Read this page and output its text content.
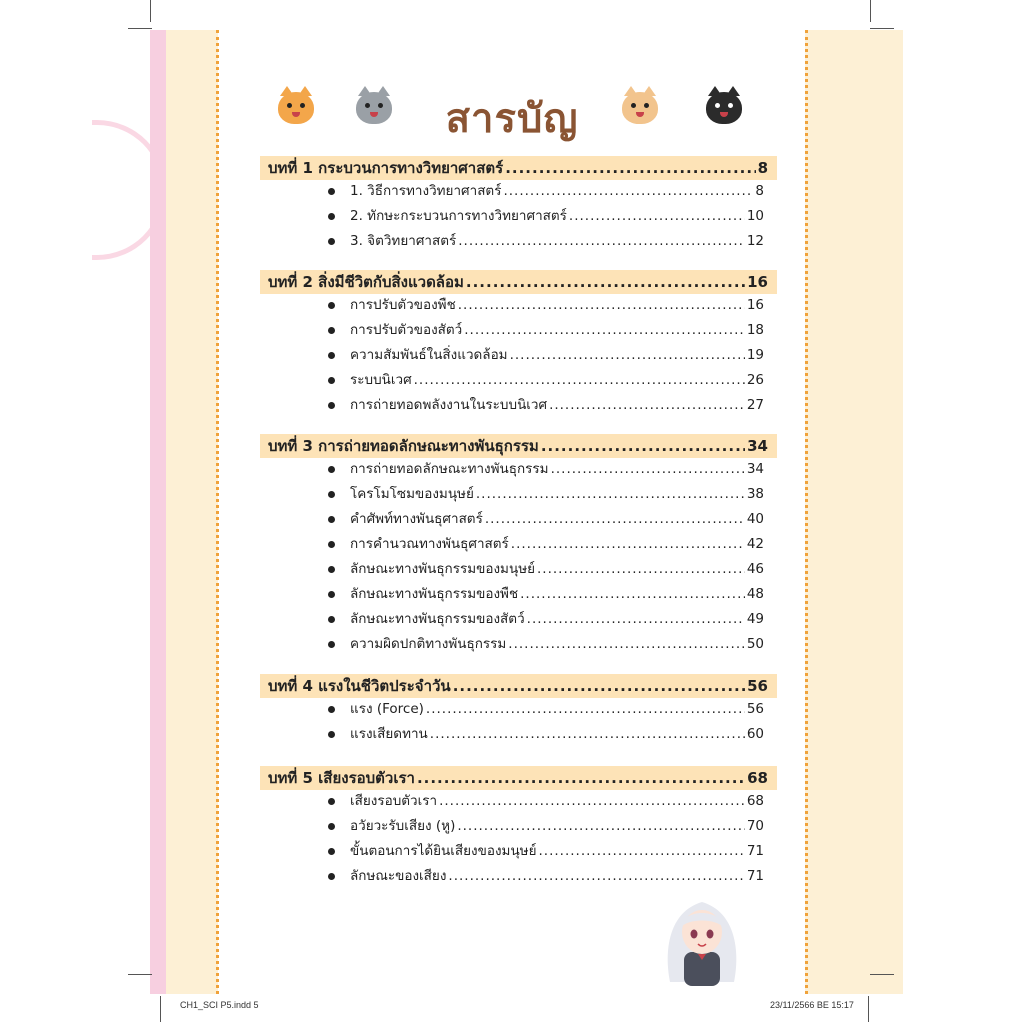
สารบัญ
บทที่ 1 กระบวนการทางวิทยาศาสตร์ .....	8
1. วิธีการทางวิทยาศาสตร์ .....	8
2. ทักษะกระบวนการทางวิทยาศาสตร์ .....	10
3. จิตวิทยาศาสตร์ .....	12
บทที่ 2 สิ่งมีชีวิตกับสิ่งแวดล้อม .....	16
การปรับตัวของพืช .....	16
การปรับตัวของสัตว์ .....	18
ความสัมพันธ์ในสิ่งแวดล้อม .....	19
ระบบนิเวศ .....	26
การถ่ายทอดพลังงานในระบบนิเวศ .....	27
บทที่ 3 การถ่ายทอดลักษณะทางพันธุกรรม .....	34
การถ่ายทอดลักษณะทางพันธุกรรม .....	34
โครโมโซมของมนุษย์ .....	38
คำศัพท์ทางพันธุศาสตร์ .....	40
การคำนวณทางพันธุศาสตร์ .....	42
ลักษณะทางพันธุกรรมของมนุษย์ .....	46
ลักษณะทางพันธุกรรมของพืช .....	48
ลักษณะทางพันธุกรรมของสัตว์ .....	49
ความผิดปกติทางพันธุกรรม .....	50
บทที่ 4 แรงในชีวิตประจำวัน .....	56
แรง (Force) .....	56
แรงเสียดทาน .....	60
บทที่ 5 เสียงรอบตัวเรา .....	68
เสียงรอบตัวเรา .....	68
อวัยวะรับเสียง (หู) .....	70
ขั้นตอนการได้ยินเสียงของมนุษย์ .....	71
ลักษณะของเสียง .....	71
CH1_SCI P5.indd 5	23/11/2566 BE 15:17
